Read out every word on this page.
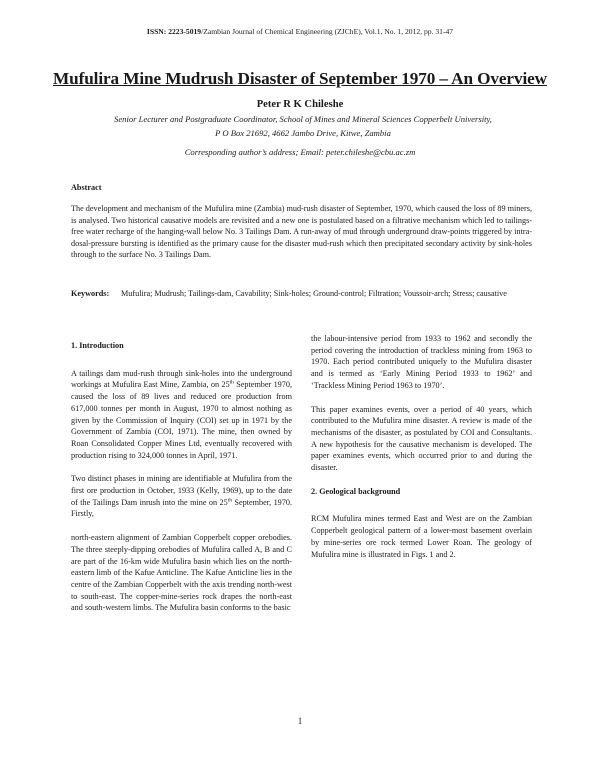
ISSN: 2223-5019/Zambian Journal of Chemical Engineering (ZJChE), Vol.1, No. 1, 2012, pp. 31-47
Mufulira Mine Mudrush Disaster of September 1970 – An Overview
Peter R K Chileshe
Senior Lecturer and Postgraduate Coordinator, School of Mines and Mineral Sciences Copperbelt University, P O Box 21692, 4662 Jambo Drive, Kitwe, Zambia
Corresponding author’s address; Email: peter.chileshe@cbu.ac.zm
Abstract
The development and mechanism of the Mufulira mine (Zambia) mud-rush disaster of September, 1970, which caused the loss of 89 miners, is analysed. Two historical causative models are revisited and a new one is postulated based on a filtrative mechanism which led to tailings-free water recharge of the hanging-wall below No. 3 Tailings Dam. A run-away of mud through underground draw-points triggered by intra-dosal-pressure bursting is identified as the primary cause for the disaster mud-rush which then precipitated secondary activity by sink-holes through to the surface No. 3 Tailings Dam.
Keywords: Mufulira; Mudrush; Tailings-dam, Cavability; Sink-holes; Ground-control; Filtration; Voussoir-arch; Stress; causative
1. Introduction

A tailings dam mud-rush through sink-holes into the underground workings at Mufulira East Mine, Zambia, on 25th September 1970, caused the loss of 89 lives and reduced ore production from 617,000 tonnes per month in August, 1970 to almost nothing as given by the Commission of Inquiry (COI) set up in 1971 by the Government of Zambia (COI, 1971). The mine, then owned by Roan Consolidated Copper Mines Ltd, eventually recovered with production rising to 324,000 tonnes in April, 1971.

Two distinct phases in mining are identifiable at Mufulira from the first ore production in October, 1933 (Kelly, 1969), up to the date of the Tailings Dam inrush into the mine on 25th September, 1970. Firstly,

north-eastern alignment of Zambian Copperbelt copper orebodies. The three steeply-dipping orebodies of Mufulira called A, B and C are part of the 16-km wide Mufulira basin which lies on the north-eastern limb of the Kafue Anticline. The Kafue Anticline lies in the centre of the Zambian Copperbelt with the axis trending north-west to south-east. The copper-mine-series rock drapes the north-east and south-western limbs. The Mufulira basin conforms to the basic

the labour-intensive period from 1933 to 1962 and secondly the period covering the introduction of trackless mining from 1963 to 1970. Each period contributed uniquely to the Mufulira disaster and is termed as ‘Early Mining Period 1933 to 1962’ and ‘Trackless Mining Period 1963 to 1970’.

This paper examines events, over a period of 40 years, which contributed to the Mufulira mine disaster. A review is made of the mechanisms of the disaster, as postulated by COI and Consultants. A new hypothesis for the causative mechanism is developed. The paper examines events, which occurred prior to and during the disaster.

2. Geological background

RCM Mufulira mines termed East and West are on the Zambian Copperbelt geological pattern of a lower-most basement overlain by mine-series ore rock termed Lower Roan. The geology of Mufulira mine is illustrated in Figs. 1 and 2.

1
